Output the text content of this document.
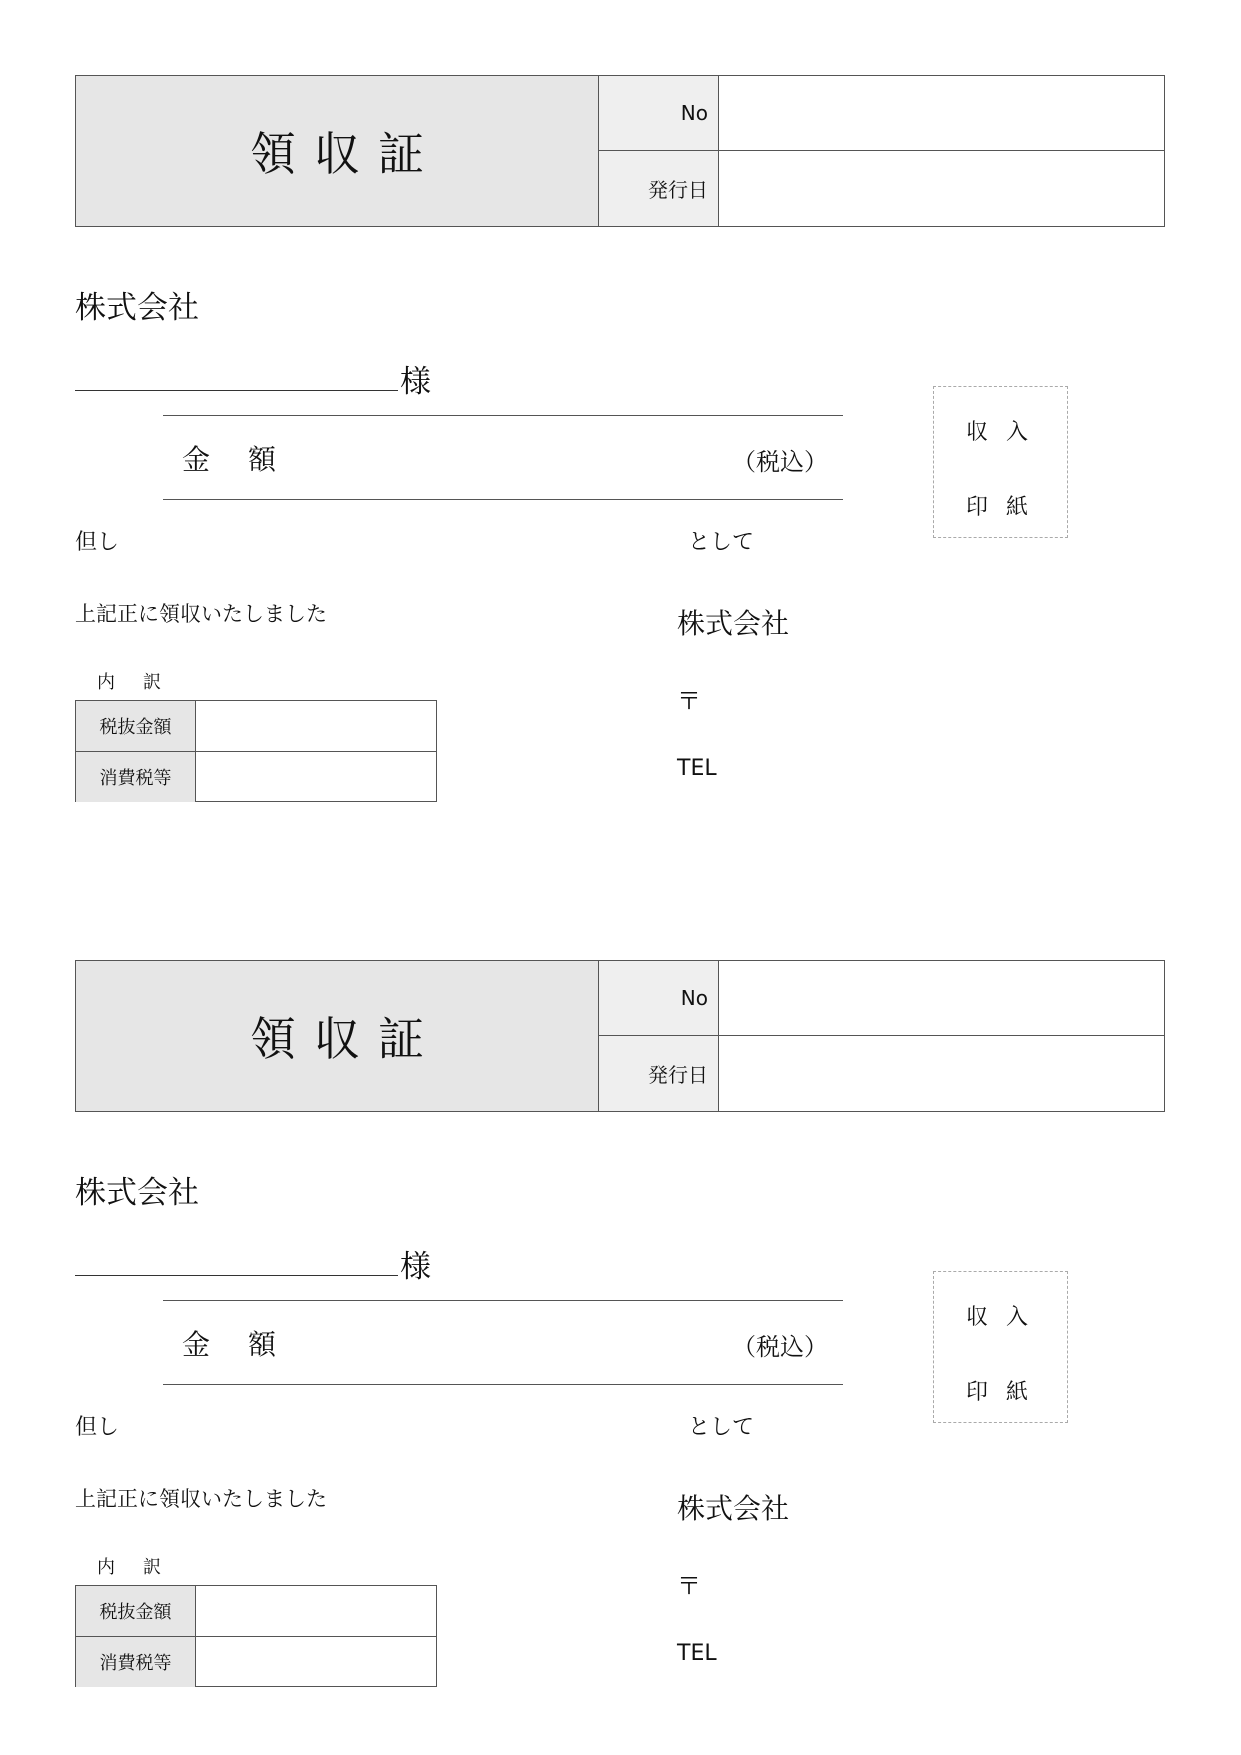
領収証
No
発行日
株式会社
様
金額	（税込）
収入
印紙
但し	として
上記正に領収いたしました	株式会社
〒
TEL
内訳
税抜金額
消費税等
領収証
No
発行日
株式会社
様
金額	（税込）
収入
印紙
但し	として
上記正に領収いたしました	株式会社
〒
TEL
内訳
税抜金額
消費税等
